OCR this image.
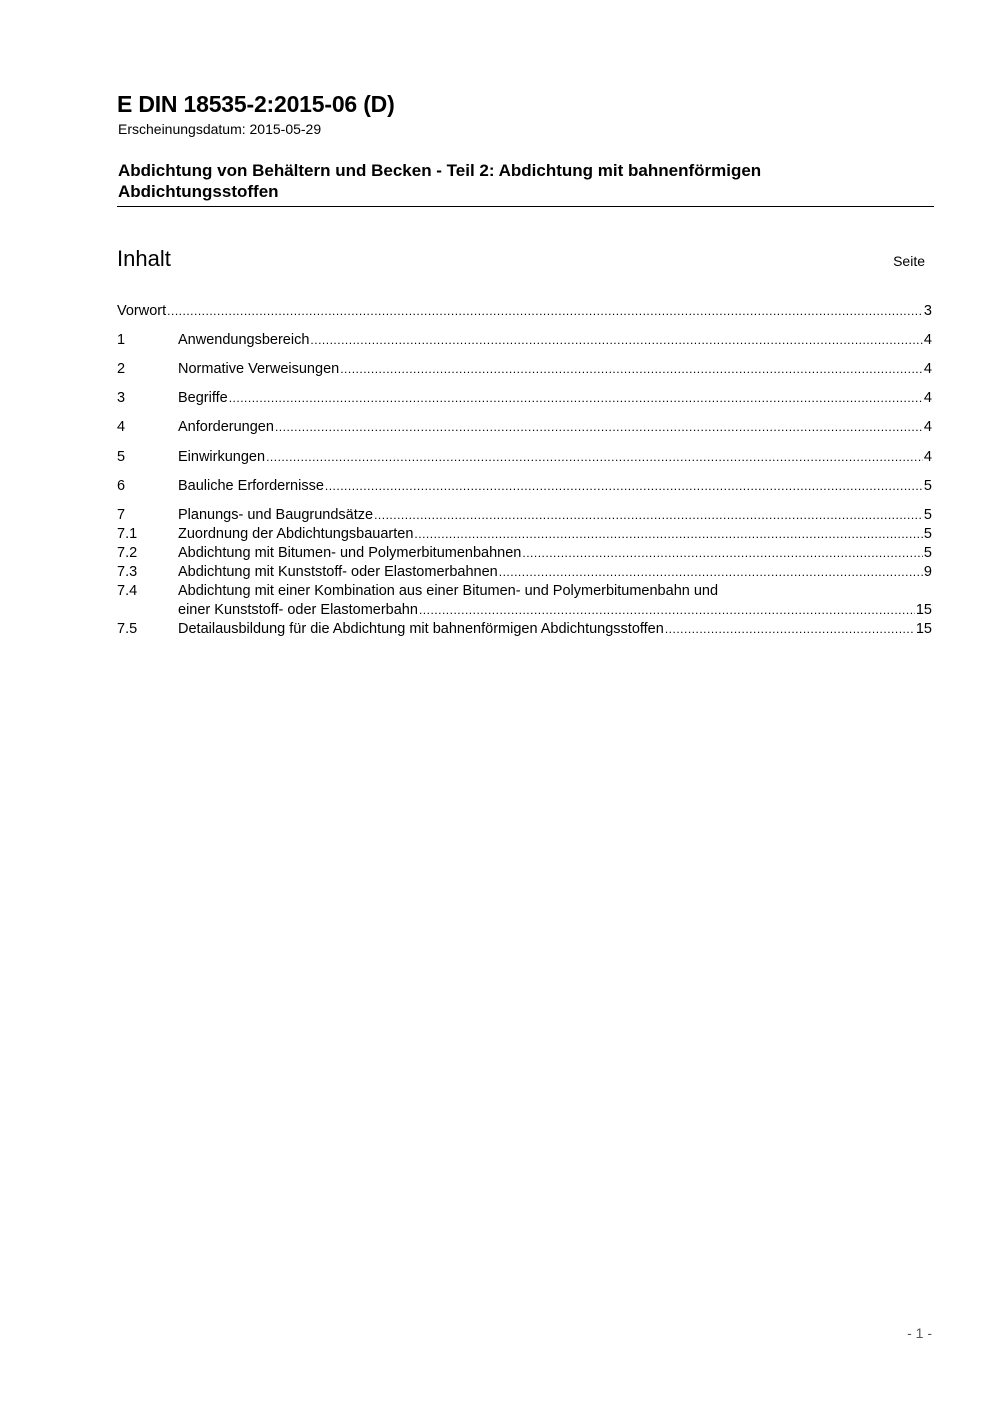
E DIN 18535-2:2015-06 (D)
Erscheinungsdatum: 2015-05-29
Abdichtung von Behältern und Becken - Teil 2: Abdichtung mit bahnenförmigen Abdichtungsstoffen
Inhalt	Seite
Vorwort .....	3
1	Anwendungsbereich .....	4
2	Normative Verweisungen .....	4
3	Begriffe .....	4
4	Anforderungen .....	4
5	Einwirkungen .....	4
6	Bauliche Erfordernisse .....	5
7	Planungs- und Baugrundsätze .....	5
7.1	Zuordnung der Abdichtungsbauarten .....	5
7.2	Abdichtung mit Bitumen- und Polymerbitumenbahnen .....	5
7.3	Abdichtung mit Kunststoff- oder Elastomerbahnen .....	9
7.4	Abdichtung mit einer Kombination aus einer Bitumen- und Polymerbitumenbahn und
einer Kunststoff- oder Elastomerbahn .....	15
7.5	Detailausbildung für die Abdichtung mit bahnenförmigen Abdichtungsstoffen .....	15
- 1 -
